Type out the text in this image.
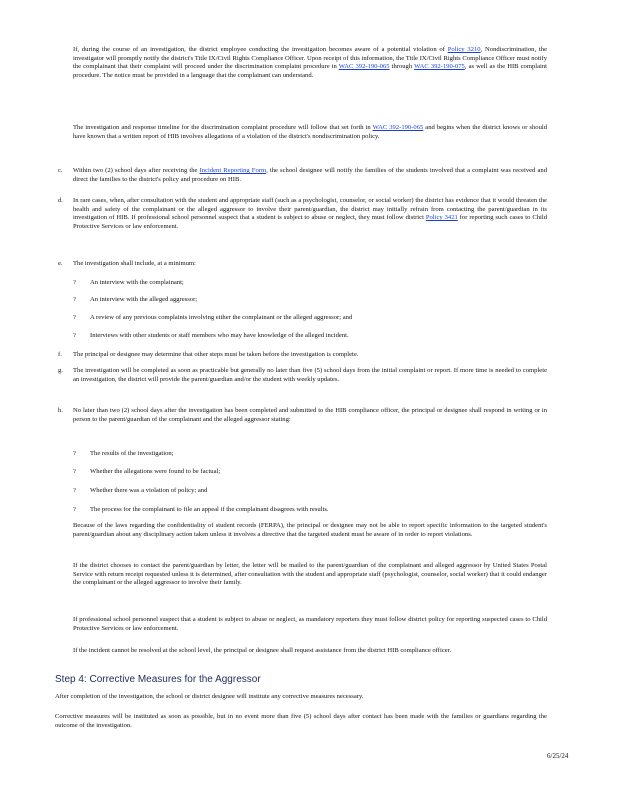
If, during the course of an investigation, the district employee conducting the investigation becomes aware of a potential violation of Policy 3210, Nondiscrimination, the investigator will promptly notify the district's Title IX/Civil Rights Compliance Officer. Upon receipt of this information, the Title IX/Civil Rights Compliance Officer must notify the complainant that their complaint will proceed under the discrimination complaint procedure in WAC 392-190-065 through WAC 392-190-075, as well as the HIB complaint procedure. The notice must be provided in a language that the complainant can understand.

The investigation and response timeline for the discrimination complaint procedure will follow that set forth in WAC 392-190-065 and begins when the district knows or should have known that a written report of HIB involves allegations of a violation of the district's nondiscrimination policy.

c. Within two (2) school days after receiving the Incident Reporting Form, the school designee will notify the families of the students involved that a complaint was received and direct the families to the district's policy and procedure on HIB.

d. In rare cases, when, after consultation with the student and appropriate staff (such as a psychologist, counselor, or social worker) the district has evidence that it would threaten the health and safety of the complainant or the alleged aggressor to involve their parent/guardian, the district may initially refrain from contacting the parent/guardian in its investigation of HIB. If professional school personnel suspect that a student is subject to abuse or neglect, they must follow district Policy 3421 for reporting such cases to Child Protective Services or law enforcement.

e. The investigation shall include, at a minimum:

? An interview with the complainant;

? An interview with the alleged aggressor;

? A review of any previous complaints involving either the complainant or the alleged aggressor; and

? Interviews with other students or staff members who may have knowledge of the alleged incident.

f. The principal or designee may determine that other steps must be taken before the investigation is complete.

g. The investigation will be completed as soon as practicable but generally no later than five (5) school days from the initial complaint or report. If more time is needed to complete an investigation, the district will provide the parent/guardian and/or the student with weekly updates.

h. No later than two (2) school days after the investigation has been completed and submitted to the HIB compliance officer, the principal or designee shall respond in writing or in person to the parent/guardian of the complainant and the alleged aggressor stating:

? The results of the investigation;

? Whether the allegations were found to be factual;

? Whether there was a violation of policy; and

? The process for the complainant to file an appeal if the complainant disagrees with results.

Because of the laws regarding the confidentiality of student records (FERPA), the principal or designee may not be able to report specific information to the targeted student's parent/guardian about any disciplinary action taken unless it involves a directive that the targeted student must be aware of in order to report violations.

If the district chooses to contact the parent/guardian by letter, the letter will be mailed to the parent/guardian of the complainant and alleged aggressor by United States Postal Service with return receipt requested unless it is determined, after consultation with the student and appropriate staff (psychologist, counselor, social worker) that it could endanger the complainant or the alleged aggressor to involve their family.

If professional school personnel suspect that a student is subject to abuse or neglect, as mandatory reporters they must follow district policy for reporting suspected cases to Child Protective Services or law enforcement.

If the incident cannot be resolved at the school level, the principal or designee shall request assistance from the district HIB compliance officer.

Step 4: Corrective Measures for the Aggressor

After completion of the investigation, the school or district designee will institute any corrective measures necessary.

Corrective measures will be instituted as soon as possible, but in no event more than five (5) school days after contact has been made with the families or guardians regarding the outcome of the investigation.

6/25/24
